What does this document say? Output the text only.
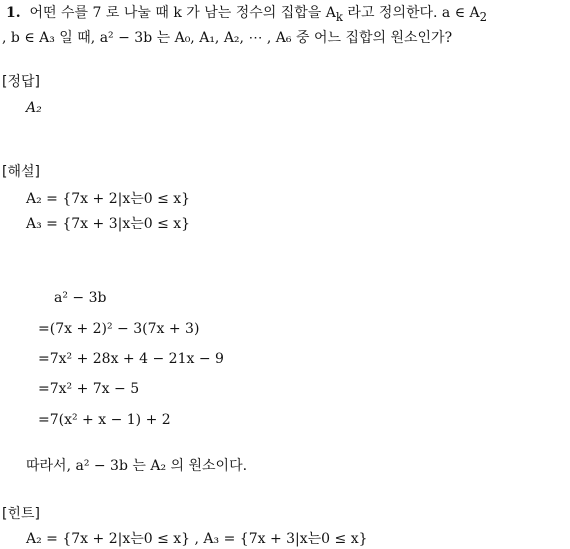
1. 어떤 수를 7 로 나눌 때 k 가 남는 정수의 집합을 $A_k$ 라고 정의한다. a ∈ $A_2$
, b ∈ A₃ 일 때, a² − 3b 는 A₀, A₁, A₂, ⋯ , A₆ 중 어느 집합의 원소인가?
[정답]
A₂
[해설]
A₂ = {7x + 2|x는0 ≤ x}
A₃ = {7x + 3|x는0 ≤ x}
a² − 3b
=(7x + 2)² − 3(7x + 3)
=7x² + 28x + 4 − 21x − 9
=7x² + 7x − 5
=7(x² + x − 1) + 2
따라서, a² − 3b 는 A₂ 의 원소이다.
[힌트]
A₂ = {7x + 2|x는0 ≤ x} , A₃ = {7x + 3|x는0 ≤ x}
